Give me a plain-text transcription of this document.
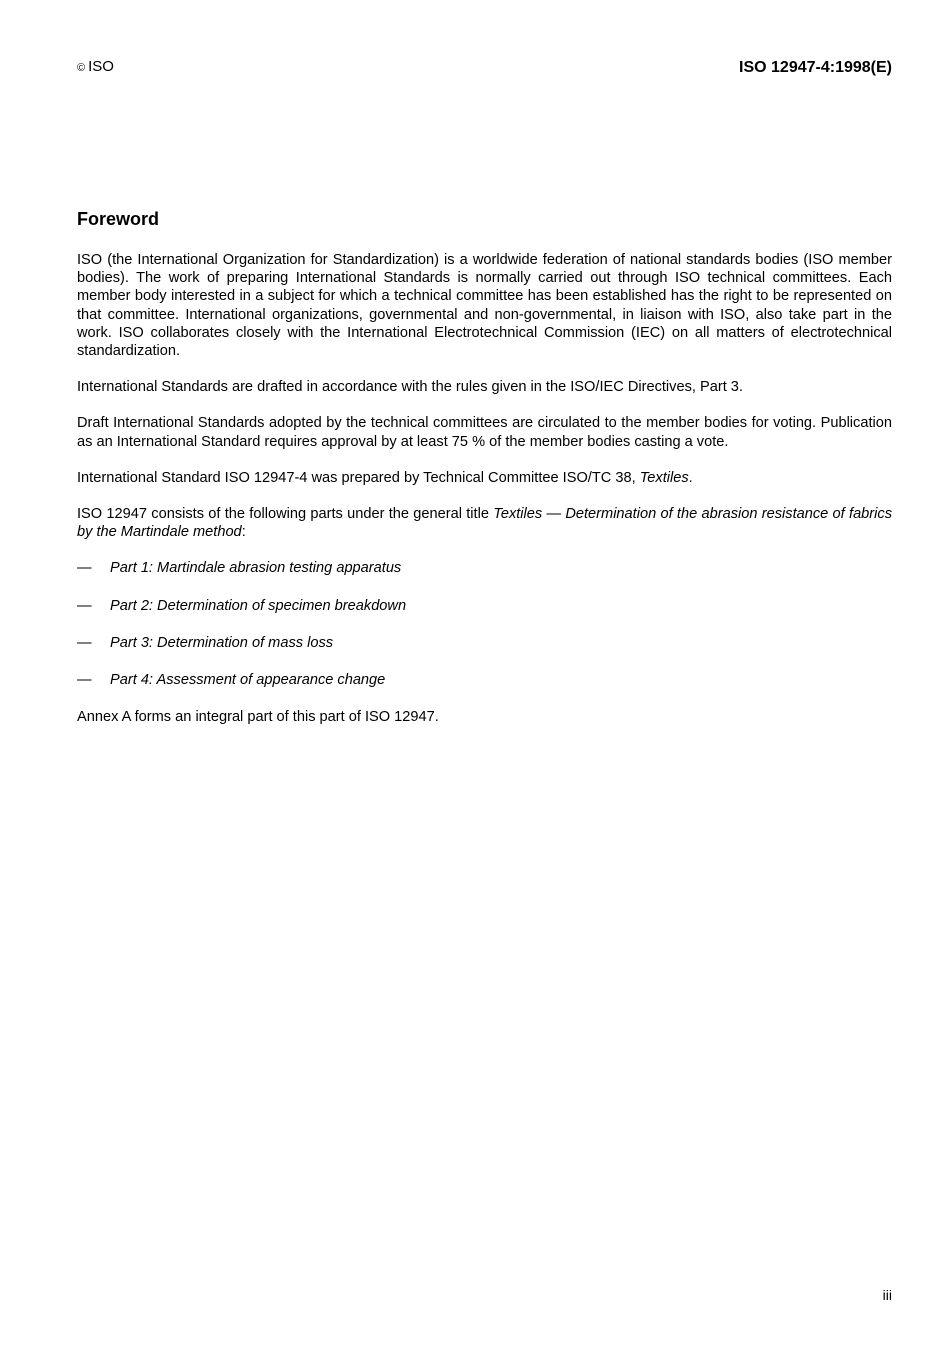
© ISO	ISO 12947-4:1998(E)
Foreword

ISO (the International Organization for Standardization) is a worldwide federation of national standards bodies (ISO member bodies). The work of preparing International Standards is normally carried out through ISO technical committees. Each member body interested in a subject for which a technical committee has been established has the right to be represented on that committee. International organizations, governmental and non-governmental, in liaison with ISO, also take part in the work. ISO collaborates closely with the International Electrotechnical Commission (IEC) on all matters of electrotechnical standardization.

International Standards are drafted in accordance with the rules given in the ISO/IEC Directives, Part 3.

Draft International Standards adopted by the technical committees are circulated to the member bodies for voting. Publication as an International Standard requires approval by at least 75 % of the member bodies casting a vote.

International Standard ISO 12947-4 was prepared by Technical Committee ISO/TC 38, Textiles.

ISO 12947 consists of the following parts under the general title Textiles — Determination of the abrasion resistance of fabrics by the Martindale method:

— Part 1: Martindale abrasion testing apparatus
— Part 2: Determination of specimen breakdown
— Part 3: Determination of mass loss
— Part 4: Assessment of appearance change

Annex A forms an integral part of this part of ISO 12947.

iii
